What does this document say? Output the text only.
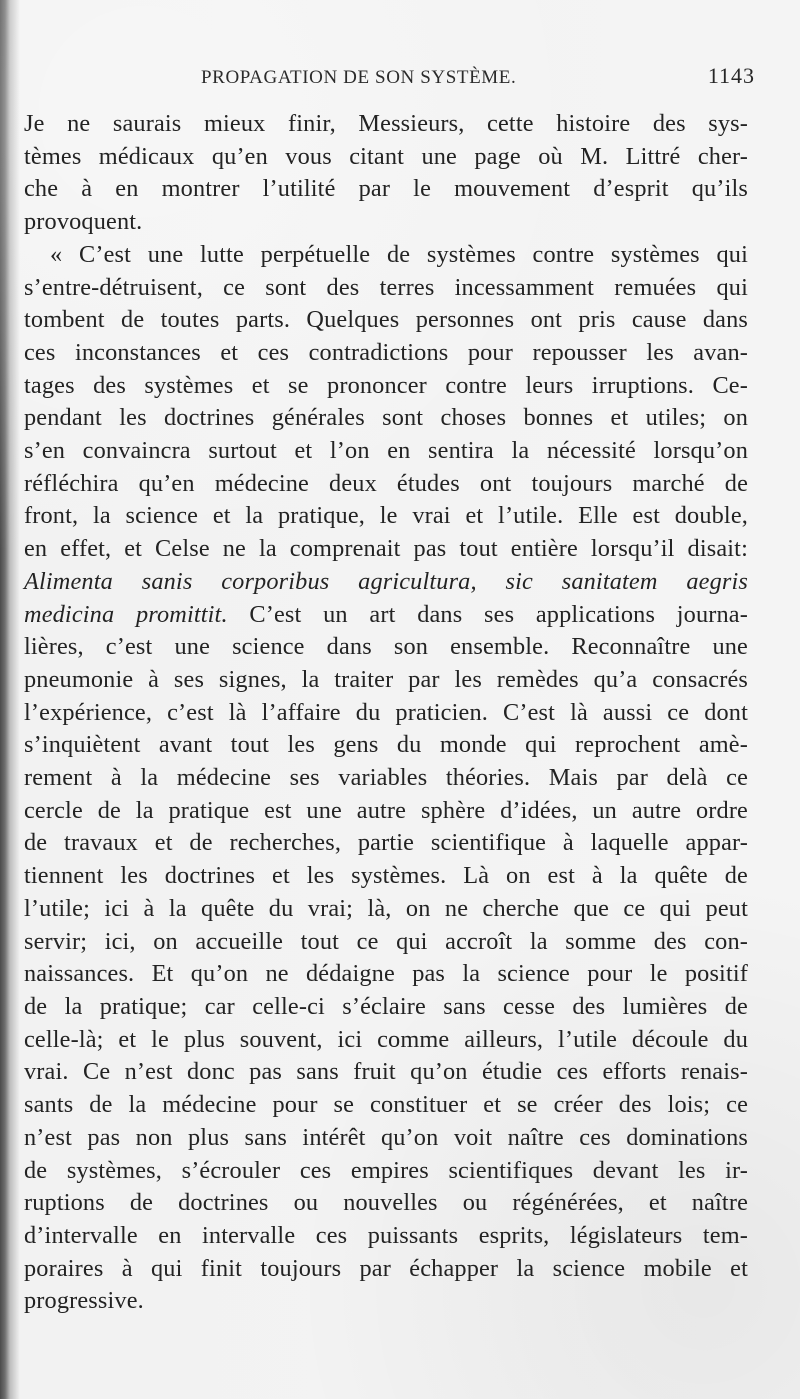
PROPAGATION DE SON SYSTÈME.	1143
Je ne saurais mieux finir, Messieurs, cette histoire des sys-
tèmes médicaux qu’en vous citant une page où M. Littré cher-
che à en montrer l’utilité par le mouvement d’esprit qu’ils
provoquent.
« C’est une lutte perpétuelle de systèmes contre systèmes qui
s’entre-détruisent, ce sont des terres incessamment remuées qui
tombent de toutes parts. Quelques personnes ont pris cause dans
ces inconstances et ces contradictions pour repousser les avan-
tages des systèmes et se prononcer contre leurs irruptions. Ce-
pendant les doctrines générales sont choses bonnes et utiles; on
s’en convaincra surtout et l’on en sentira la nécessité lorsqu’on
réfléchira qu’en médecine deux études ont toujours marché de
front, la science et la pratique, le vrai et l’utile. Elle est double,
en effet, et Celse ne la comprenait pas tout entière lorsqu’il disait:
Alimenta sanis corporibus agricultura, sic sanitatem aegris
medicina promittit. C’est un art dans ses applications journa-
lières, c’est une science dans son ensemble. Reconnaître une
pneumonie à ses signes, la traiter par les remèdes qu’a consacrés
l’expérience, c’est là l’affaire du praticien. C’est là aussi ce dont
s’inquiètent avant tout les gens du monde qui reprochent amè-
rement à la médecine ses variables théories. Mais par delà ce
cercle de la pratique est une autre sphère d’idées, un autre ordre
de travaux et de recherches, partie scientifique à laquelle appar-
tiennent les doctrines et les systèmes. Là on est à la quête de
l’utile; ici à la quête du vrai; là, on ne cherche que ce qui peut
servir; ici, on accueille tout ce qui accroît la somme des con-
naissances. Et qu’on ne dédaigne pas la science pour le positif
de la pratique; car celle-ci s’éclaire sans cesse des lumières de
celle-là; et le plus souvent, ici comme ailleurs, l’utile découle du
vrai. Ce n’est donc pas sans fruit qu’on étudie ces efforts renais-
sants de la médecine pour se constituer et se créer des lois; ce
n’est pas non plus sans intérêt qu’on voit naître ces dominations
de systèmes, s’écrouler ces empires scientifiques devant les ir-
ruptions de doctrines ou nouvelles ou régénérées, et naître
d’intervalle en intervalle ces puissants esprits, législateurs tem-
poraires à qui finit toujours par échapper la science mobile et
progressive.
